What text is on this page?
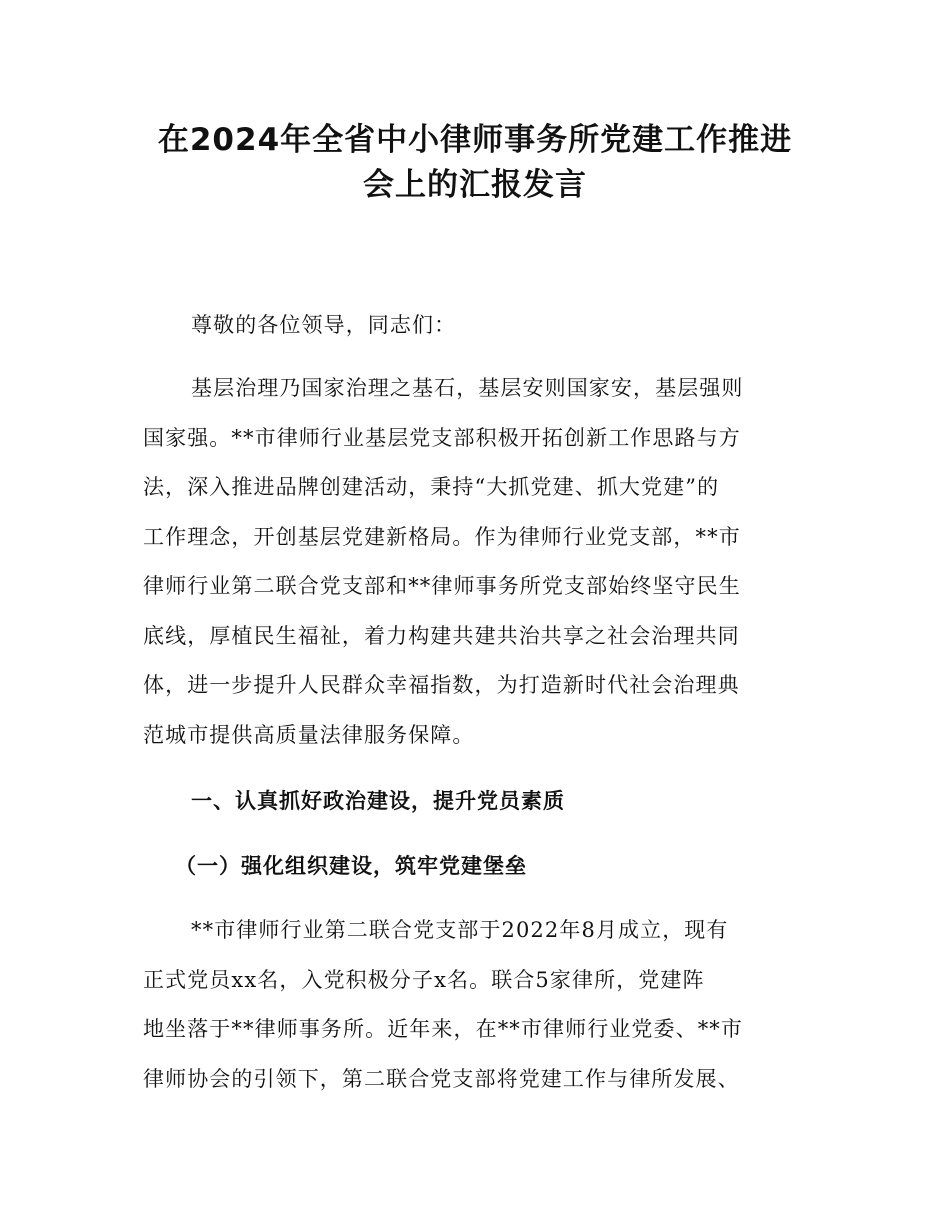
在2024年全省中小律师事务所党建工作推进
会上的汇报发言

尊敬的各位领导，同志们：

基层治理乃国家治理之基石，基层安则国家安，基层强则
国家强。**市律师行业基层党支部积极开拓创新工作思路与方
法，深入推进品牌创建活动，秉持“大抓党建、抓大党建”的
工作理念，开创基层党建新格局。作为律师行业党支部，**市
律师行业第二联合党支部和**律师事务所党支部始终坚守民生
底线，厚植民生福祉，着力构建共建共治共享之社会治理共同
体，进一步提升人民群众幸福指数，为打造新时代社会治理典
范城市提供高质量法律服务保障。

一、认真抓好政治建设，提升党员素质

（一）强化组织建设，筑牢党建堡垒

**市律师行业第二联合党支部于2022年8月成立，现有
正式党员xx名，入党积极分子x名。联合5家律所，党建阵
地坐落于**律师事务所。近年来，在**市律师行业党委、**市
律师协会的引领下，第二联合党支部将党建工作与律所发展、
